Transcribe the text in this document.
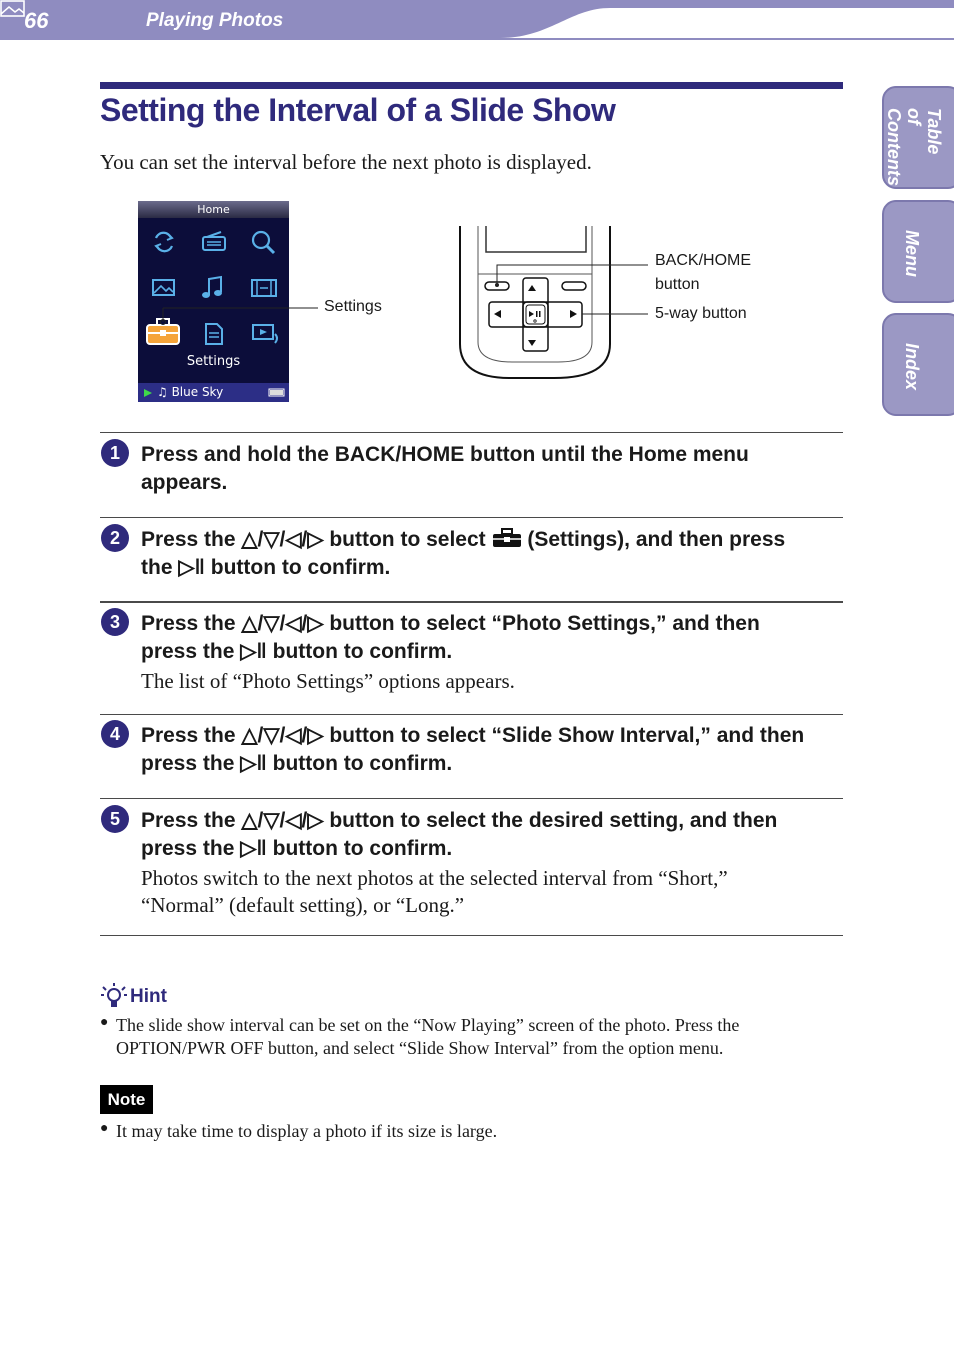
66	Playing Photos
Table of Contents
Menu
Index
Setting the Interval of a Slide Show
You can set the interval before the next photo is displayed.
Home
Settings
♫ Blue Sky
Settings
BACK/HOME
button
5-way button
1	Press and hold the BACK/HOME button until the Home menu
appears.
2	Press the △/▽/◁/▷ button to select  (Settings), and then press
the ▷ǁ button to confirm.
3	Press the △/▽/◁/▷ button to select “Photo Settings,” and then
press the ▷ǁ button to confirm.
The list of “Photo Settings” options appears.
4	Press the △/▽/◁/▷ button to select “Slide Show Interval,” and then
press the ▷ǁ button to confirm.
5	Press the △/▽/◁/▷ button to select the desired setting, and then
press the ▷ǁ button to confirm.
Photos switch to the next photos at the selected interval from “Short,”
“Normal” (default setting), or “Long.”
Hint
● The slide show interval can be set on the “Now Playing” screen of the photo. Press the
OPTION/PWR OFF button, and select “Slide Show Interval” from the option menu.
Note
● It may take time to display a photo if its size is large.
